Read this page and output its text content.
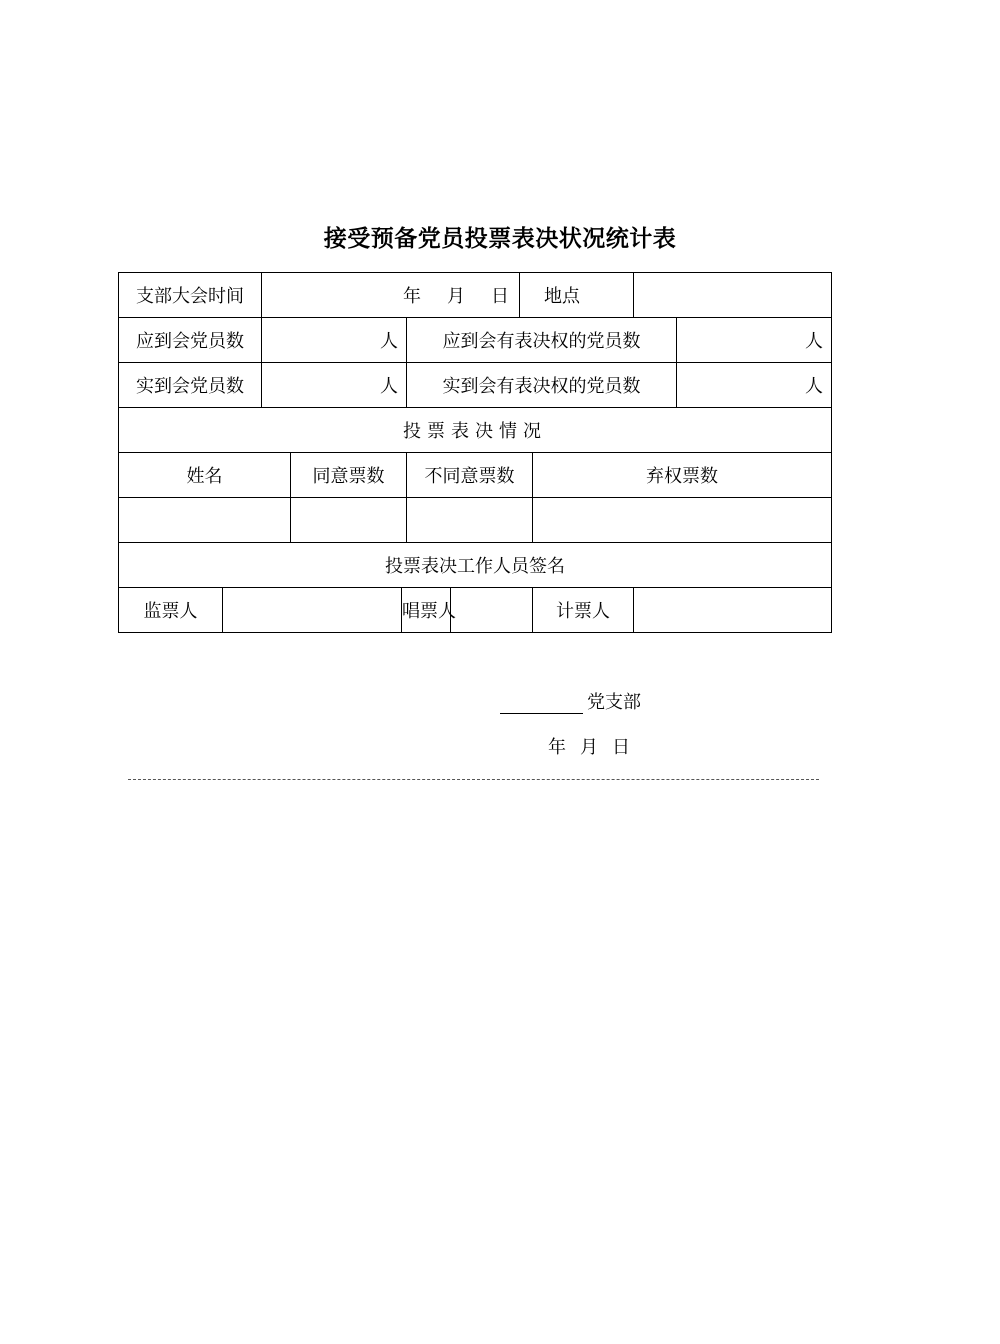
接受预备党员投票表决状况统计表
支部大会时间		年 月 日					地点			
应到会党员数		人			应到会有表决权的党员数					人
实到会党员数		人			实到会有表决权的党员数					人
投票表决情况										
姓名			同意票数		不同意票数			弃权票数		

投票表决工作人员签名										
监票人				唱票人				计票人		
党支部
年 月 日
